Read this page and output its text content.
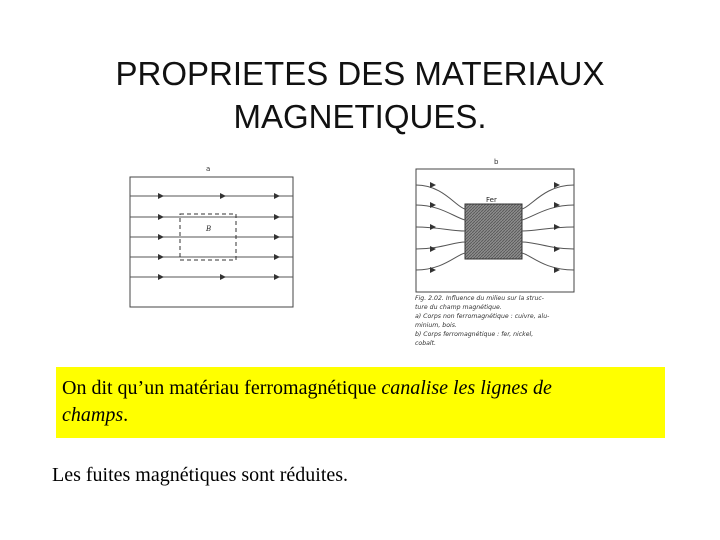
PROPRIETES DES MATERIAUX
MAGNETIQUES.
a
B
b
Fer
Fig. 2.02. Influence du milieu sur la struc-
ture du champ magnétique.
a) Corps non ferromagnétique : cuivre, alu-
minium, bois.
b) Corps ferromagnétique : fer, nickel,
cobalt.
On dit qu’un matériau ferromagnétique canalise les lignes de
champs.
Les fuites magnétiques sont réduites.
